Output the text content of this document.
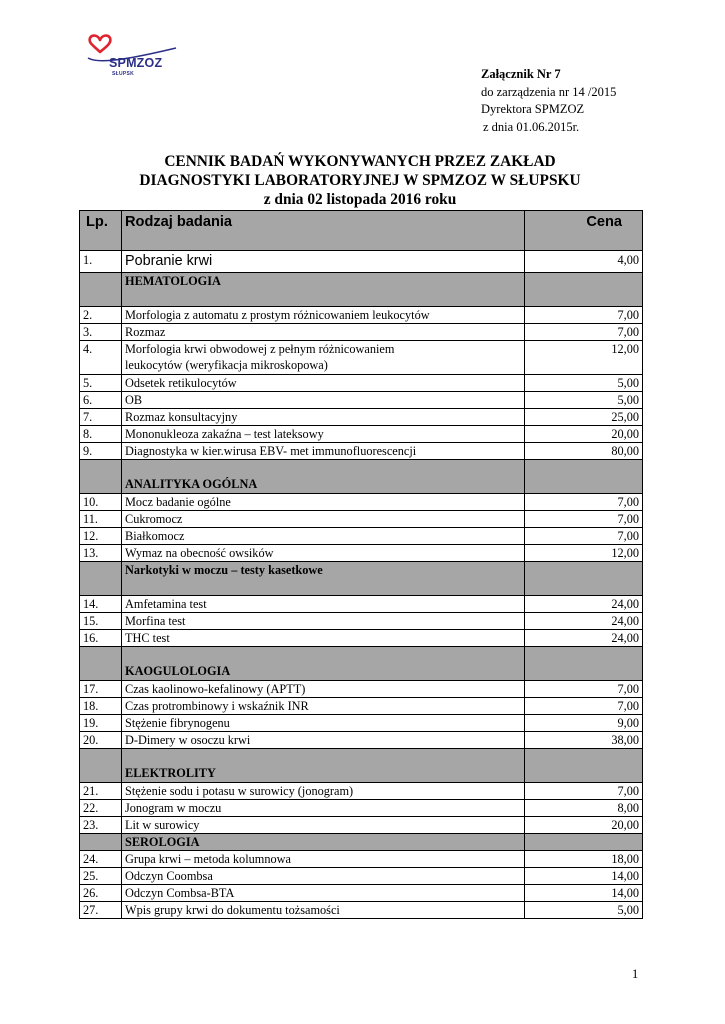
SPMZOZ
SŁUPSK	Załącznik Nr 7
do zarządzenia nr 14 /2015
Dyrektora SPMZOZ
z dnia 01.06.2015r.
CENNIK BADAŃ WYKONYWANYCH PRZEZ ZAKŁAD
DIAGNOSTYKI LABORATORYJNEJ W SPMZOZ W SŁUPSKU
z dnia 02 listopada 2016 roku
Lp.	Rodzaj badania	Cena
1.	Pobranie krwi	4,00
	HEMATOLOGIA	
2.	Morfologia z automatu z prostym różnicowaniem leukocytów	7,00
3.	Rozmaz	7,00
4.	Morfologia krwi obwodowej z pełnym różnicowaniem
leukocytów (weryfikacja mikroskopowa)	12,00
5.	Odsetek retikulocytów	5,00
6.	OB	5,00
7.	Rozmaz konsultacyjny	25,00
8.	Mononukleoza zakaźna – test lateksowy	20,00
9.	Diagnostyka w kier.wirusa EBV- met immunofluorescencji	80,00
	ANALITYKA OGÓLNA	
10.	Mocz badanie ogólne	7,00
11.	Cukromocz	7,00
12.	Białkomocz	7,00
13.	Wymaz na obecność owsików	12,00
	Narkotyki w moczu – testy kasetkowe	
14.	Amfetamina test	24,00
15.	Morfina test	24,00
16.	THC test	24,00
	KAOGULOLOGIA	
17.	Czas kaolinowo-kefalinowy (APTT)	7,00
18.	Czas protrombinowy i wskaźnik INR	7,00
19.	Stężenie fibrynogenu	9,00
20.	D-Dimery w osoczu krwi	38,00
	ELEKTROLITY	
21.	Stężenie sodu i potasu w surowicy (jonogram)	7,00
22.	Jonogram w moczu	8,00
23.	Lit w surowicy	20,00
	SEROLOGIA	
24.	Grupa krwi – metoda kolumnowa	18,00
25.	Odczyn Coombsa	14,00
26.	Odczyn Combsa-BTA	14,00
27.	Wpis grupy krwi do dokumentu tożsamości	5,00
1
